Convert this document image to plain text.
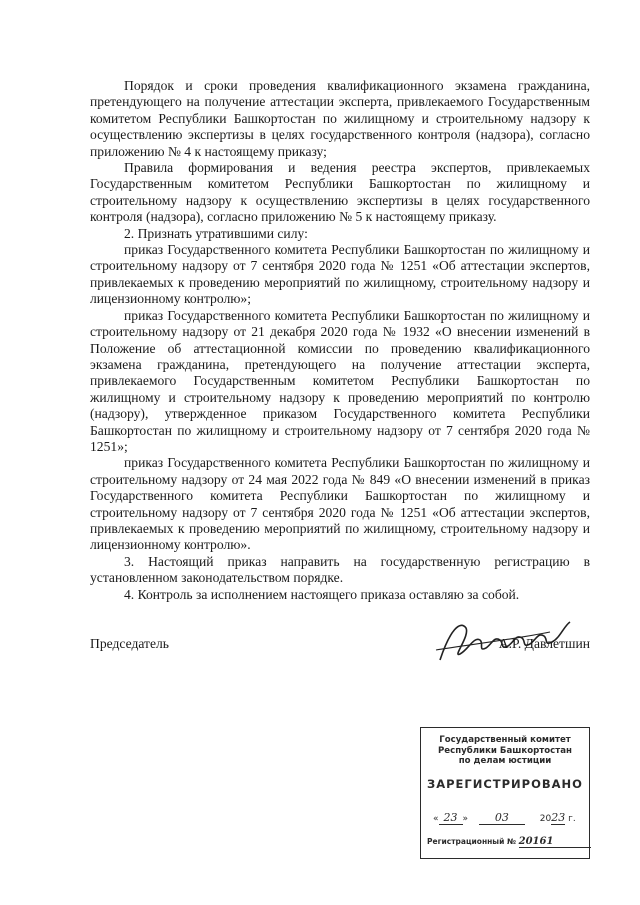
Порядок и сроки проведения квалификационного экзамена гражданина, претендующего на получение аттестации эксперта, привлекаемого Государственным комитетом Республики Башкортостан по жилищному и строительному надзору к осуществлению экспертизы в целях государственного контроля (надзора), согласно приложению № 4 к настоящему приказу;

Правила формирования и ведения реестра экспертов, привлекаемых Государственным комитетом Республики Башкортостан по жилищному и строительному надзору к осуществлению экспертизы в целях государственного контроля (надзора), согласно приложению № 5 к настоящему приказу.

2. Признать утратившими силу:

приказ Государственного комитета Республики Башкортостан по жилищному и строительному надзору от 7 сентября 2020 года № 1251 «Об аттестации экспертов, привлекаемых к проведению мероприятий по жилищному, строительному надзору и лицензионному контролю»;

приказ Государственного комитета Республики Башкортостан по жилищному и строительному надзору от 21 декабря 2020 года № 1932 «О внесении изменений в Положение об аттестационной комиссии по проведению квалификационного экзамена гражданина, претендующего на получение аттестации эксперта, привлекаемого Государственным комитетом Республики Башкортостан по жилищному и строительному надзору к проведению мероприятий по контролю (надзору), утвержденное приказом Государственного комитета Республики Башкортостан по жилищному и строительному надзору от 7 сентября 2020 года № 1251»;

приказ Государственного комитета Республики Башкортостан по жилищному и строительному надзору от 24 мая 2022 года № 849 «О внесении изменений в приказ Государственного комитета Республики Башкортостан по жилищному и строительному надзору от 7 сентября 2020 года № 1251 «Об аттестации экспертов, привлекаемых к проведению мероприятий по жилищному, строительному надзору и лицензионному контролю».

3. Настоящий приказ направить на государственную регистрацию в установленном законодательством порядке.

4. Контроль за исполнением настоящего приказа оставляю за собой.

Председатель	А.Р. Давлетшин
Государственный комитет
Республики Башкортостан
по делам юстиции
ЗАРЕГИСТРИРОВАНО
« 23 » 03	2023 г.
Регистрационный № 20161
